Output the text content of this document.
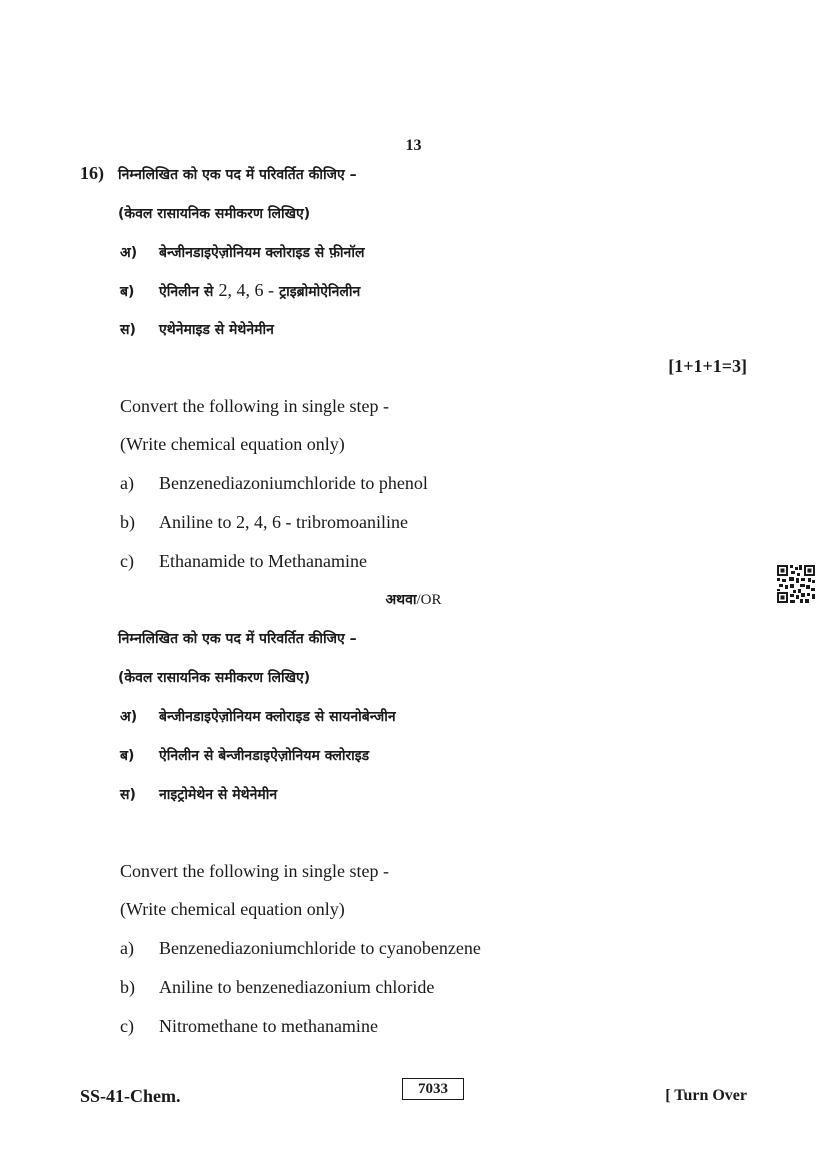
13
16) निम्नलिखित को एक पद में परिवर्तित कीजिए –
(केवल रासायनिक समीकरण लिखिए)
अ) बेन्जीनडाइऐज़ोनियम क्लोराइड से फ़ीनॉल
ब) ऐनिलीन से 2, 4, 6 - ट्राइब्रोमोऐनिलीन
स) एथेनेमाइड से मेथेनेमीन
[1+1+1=3]
Convert the following in single step -
(Write chemical equation only)
a) Benzenediazoniumchloride to phenol
b) Aniline to 2, 4, 6 - tribromoaniline
c) Ethanamide to Methanamine
अथवा/OR
निम्नलिखित को एक पद में परिवर्तित कीजिए –
(केवल रासायनिक समीकरण लिखिए)
अ) बेन्जीनडाइऐज़ोनियम क्लोराइड से सायनोबेन्जीन
ब) ऐनिलीन से बेन्जीनडाइऐज़ोनियम क्लोराइड
स) नाइट्रोमेथेन से मेथेनेमीन
Convert the following in single step -
(Write chemical equation only)
a) Benzenediazoniumchloride to cyanobenzene
b) Aniline to benzenediazonium chloride
c) Nitromethane to methanamine
SS-41-Chem.	7033	[ Turn Over
